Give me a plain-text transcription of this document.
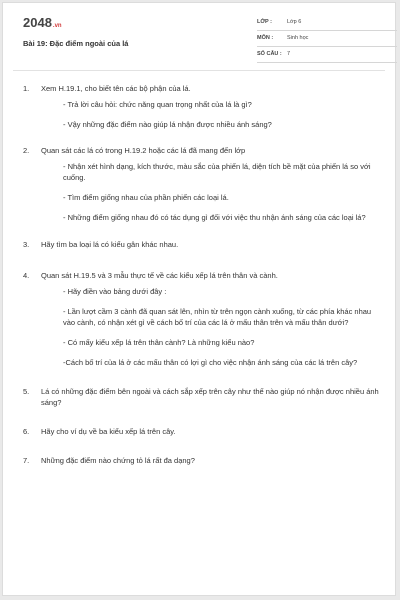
2048.vn
Bài 19: Đặc điểm ngoài của lá
LỚP :	Lớp 6
MÔN :	Sinh học
SỐ CÂU : 7
1.	Xem H.19.1, cho biết tên các bộ phận của lá.
- Trả lời câu hỏi: chức năng quan trọng nhất của lá là gì?
- Vậy những đặc điểm nào giúp lá nhận được nhiều ánh sáng?
2.	Quan sát các lá có trong H.19.2 hoặc các lá đã mang đến lớp
- Nhận xét hình dạng, kích thước, màu sắc của phiến lá, diện tích bề mặt của phiến lá so với cuống.
- Tìm điểm giống nhau của phần phiến các loại lá.
- Những điểm giống nhau đó có tác dụng gì đối với việc thu nhận ánh sáng của các loại lá?
3.	Hãy tìm ba loại lá có kiểu gân khác nhau.
4.	Quan sát H.19.5 và 3 mẫu thực tế về các kiểu xếp lá trên thân và cành.
- Hãy điền vào bảng dưới đây :
- Lần lượt cầm 3 cành đã quan sát lên, nhìn từ trên ngọn cành xuống, từ các phía khác nhau vào cành, có nhận xét gì về cách bố trí của các lá ở mấu thân trên và mấu thân dưới?
- Có mấy kiểu xếp lá trên thân cành? Là những kiểu nào?
-Cách bố trí của lá ở các mấu thân có lợi gì cho việc nhận ánh sáng của các lá trên cây?
5.	Lá có những đặc điểm bên ngoài và cách sắp xếp trên cây như thế nào giúp nó nhận được nhiều ánh sáng?
6.	Hãy cho ví dụ về ba kiểu xếp lá trên cây.
7.	Những đặc điểm nào chứng tỏ lá rất đa dạng?
